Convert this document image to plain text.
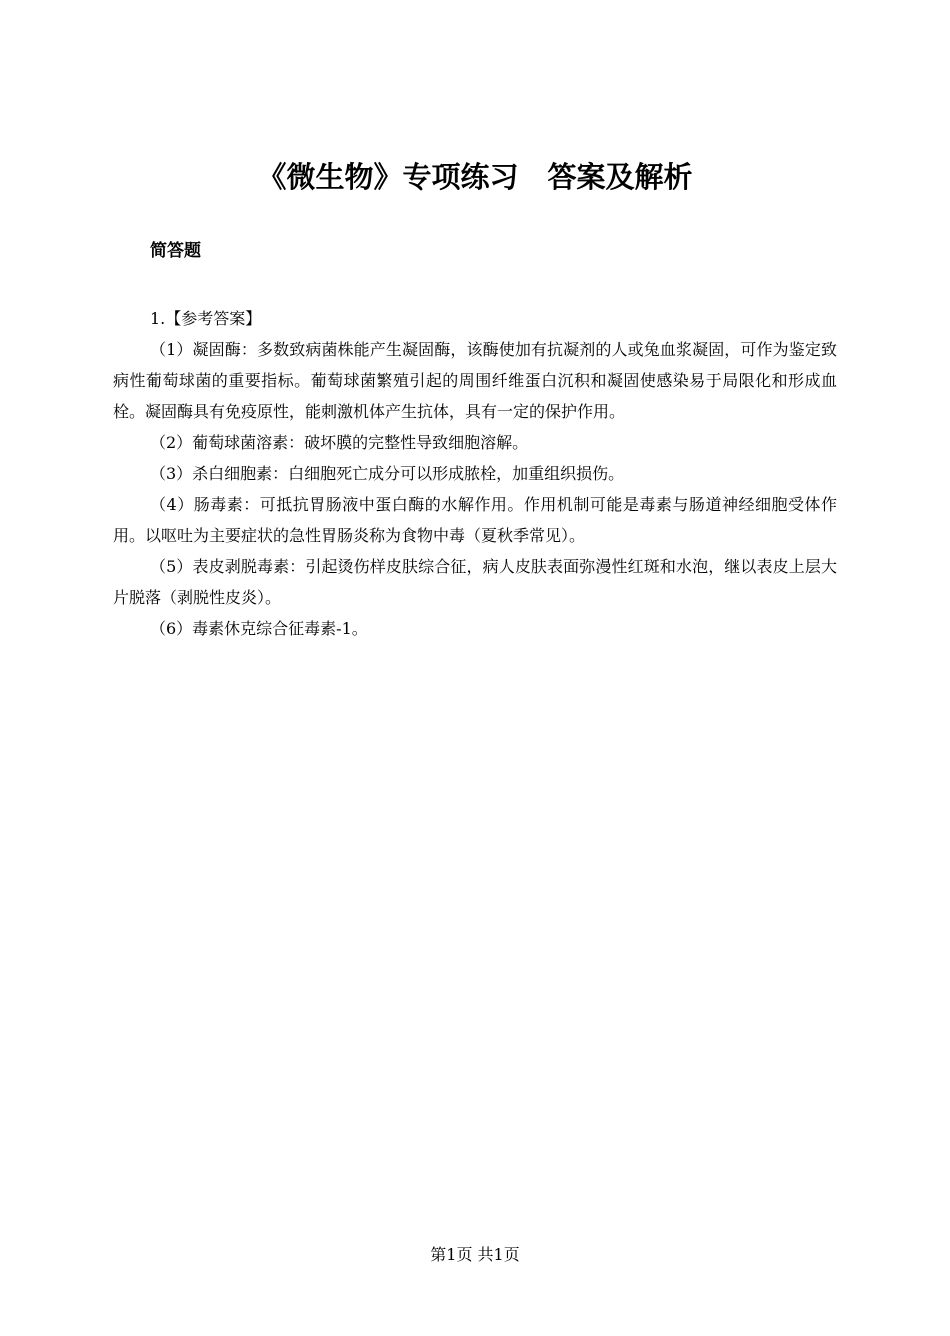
《微生物》专项练习　答案及解析
简答题

1.【参考答案】

（1）凝固酶：多数致病菌株能产生凝固酶，该酶使加有抗凝剂的人或兔血浆凝固，可作为鉴定致病性葡萄球菌的重要指标。葡萄球菌繁殖引起的周围纤维蛋白沉积和凝固使感染易于局限化和形成血栓。凝固酶具有免疫原性，能刺激机体产生抗体，具有一定的保护作用。

（2）葡萄球菌溶素：破坏膜的完整性导致细胞溶解。

（3）杀白细胞素：白细胞死亡成分可以形成脓栓，加重组织损伤。

（4）肠毒素：可抵抗胃肠液中蛋白酶的水解作用。作用机制可能是毒素与肠道神经细胞受体作用。以呕吐为主要症状的急性胃肠炎称为食物中毒（夏秋季常见）。

（5）表皮剥脱毒素：引起烫伤样皮肤综合征，病人皮肤表面弥漫性红斑和水泡，继以表皮上层大片脱落（剥脱性皮炎）。

（6）毒素休克综合征毒素-1。

第1页 共1页
